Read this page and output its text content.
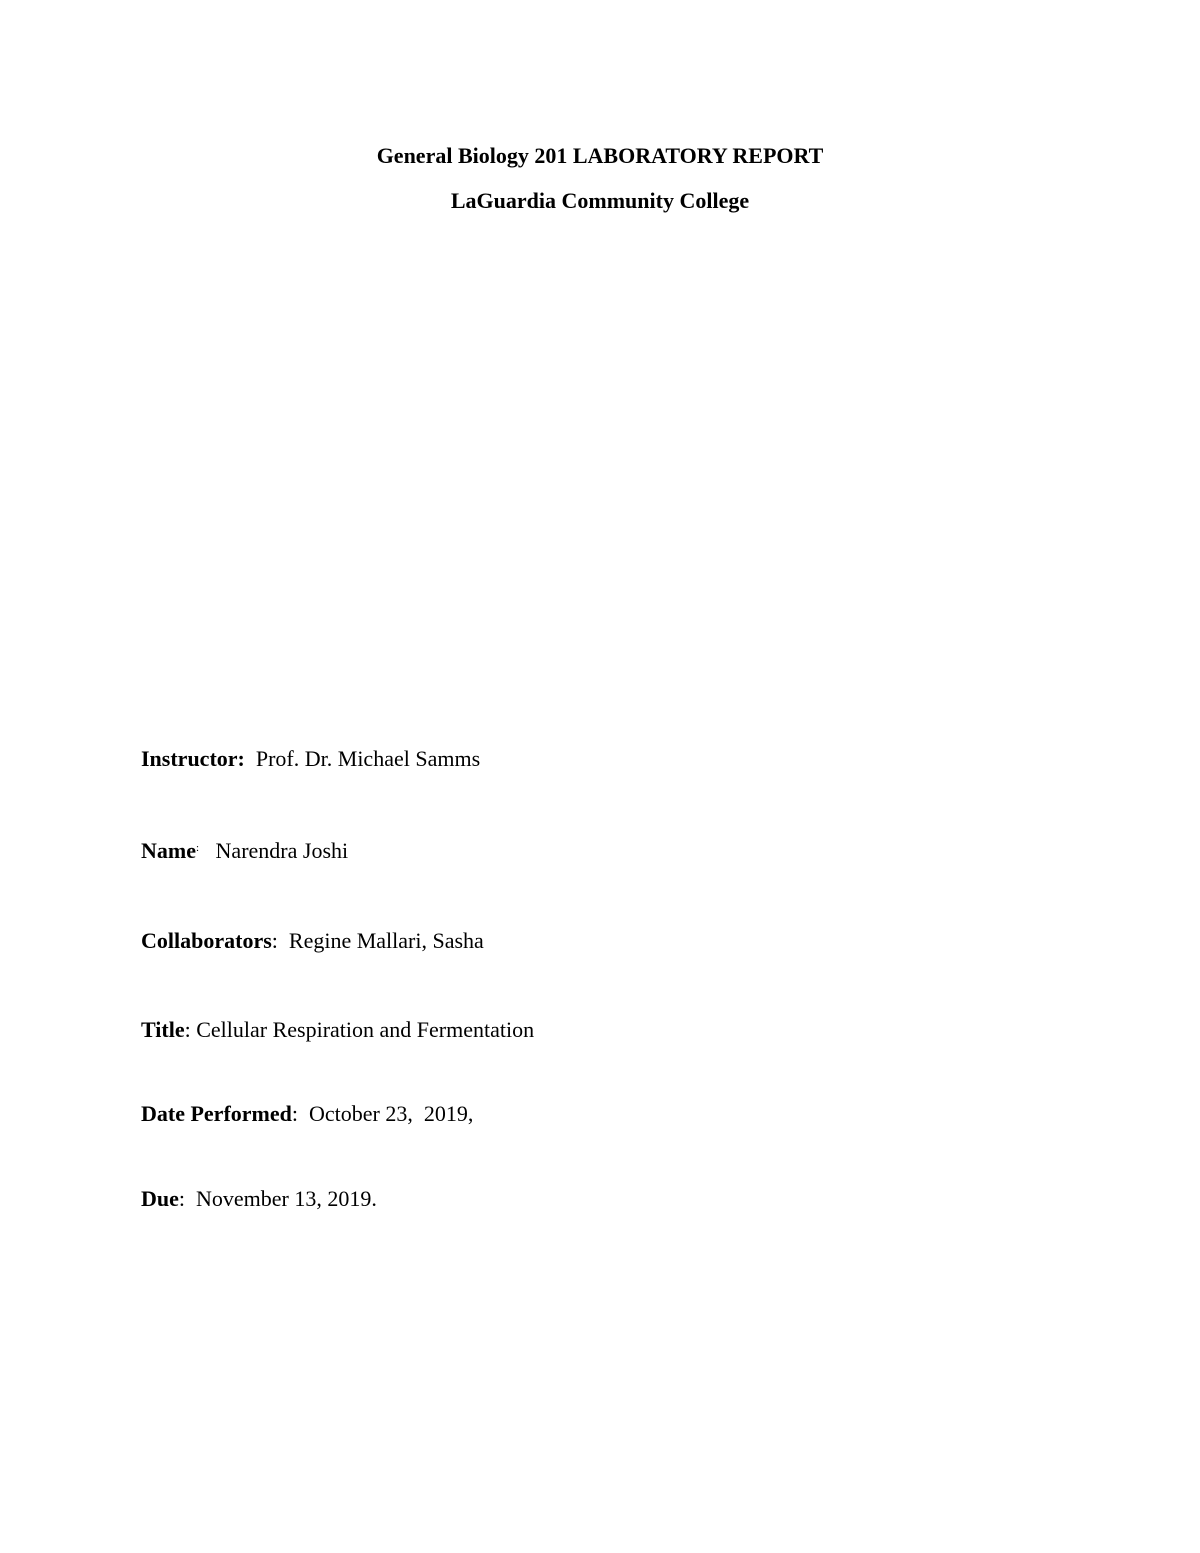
General Biology 201 LABORATORY REPORT
LaGuardia Community College
Instructor: Prof. Dr. Michael Samms
Name: Narendra Joshi
Collaborators: Regine Mallari, Sasha
Title: Cellular Respiration and Fermentation
Date Performed: October 23,  2019,
Due: November 13, 2019.
